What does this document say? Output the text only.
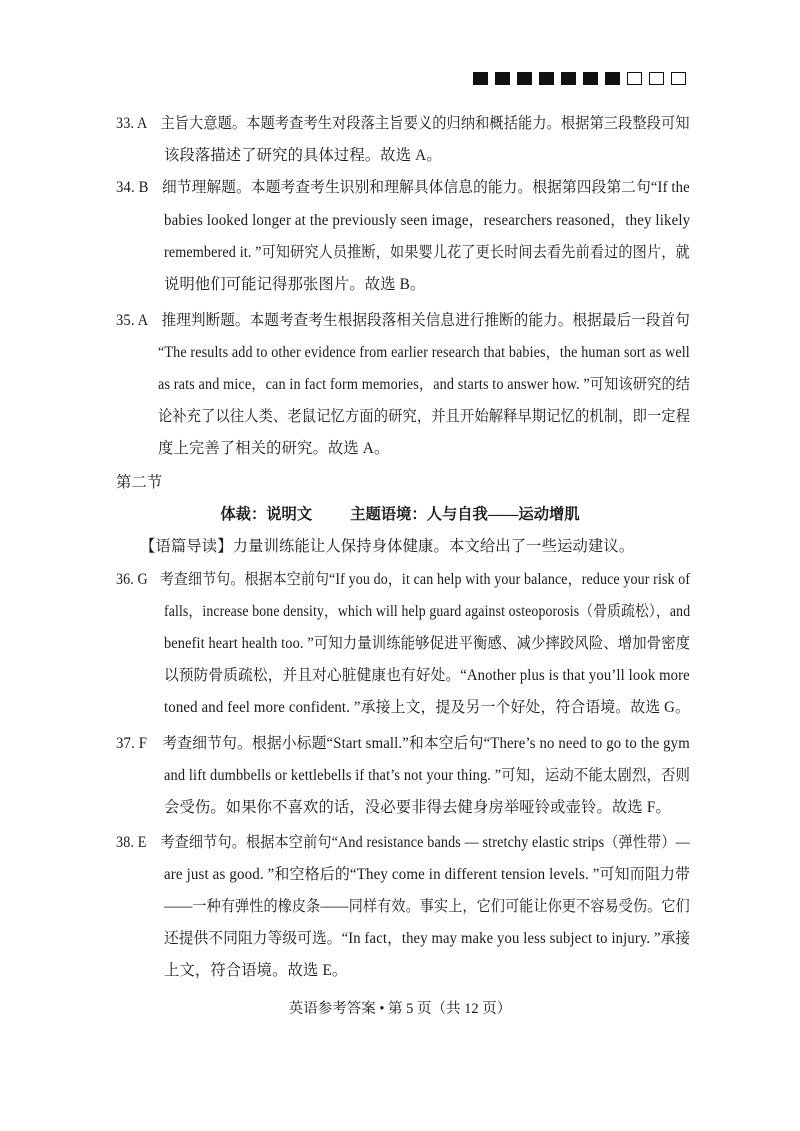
33. A 主旨大意题。本题考查考生对段落主旨要义的归纳和概括能力。根据第三段整段可知
该段落描述了研究的具体过程。故选 A。
34. B 细节理解题。本题考查考生识别和理解具体信息的能力。根据第四段第二句“If the
babies looked longer at the previously seen image，researchers reasoned，they likely
remembered it. ”可知研究人员推断，如果婴儿花了更长时间去看先前看过的图片，就
说明他们可能记得那张图片。故选 B。
35. A 推理判断题。本题考查考生根据段落相关信息进行推断的能力。根据最后一段首句
“The results add to other evidence from earlier research that babies，the human sort as well
as rats and mice，can in fact form memories，and starts to answer how. ”可知该研究的结
论补充了以往人类、老鼠记忆方面的研究，并且开始解释早期记忆的机制，即一定程
度上完善了相关的研究。故选 A。
第二节
体裁：说明文 主题语境：人与自我——运动增肌
【语篇导读】力量训练能让人保持身体健康。本文给出了一些运动建议。
36. G 考查细节句。根据本空前句“If you do，it can help with your balance，reduce your risk of
falls，increase bone density，which will help guard against osteoporosis（骨质疏松），and
benefit heart health too. ”可知力量训练能够促进平衡感、减少摔跤风险、增加骨密度
以预防骨质疏松，并且对心脏健康也有好处。“Another plus is that you’ll look more
toned and feel more confident. ”承接上文，提及另一个好处，符合语境。故选 G。
37. F 考查细节句。根据小标题“Start small.”和本空后句“There’s no need to go to the gym
and lift dumbbells or kettlebells if that’s not your thing. ”可知，运动不能太剧烈，否则
会受伤。如果你不喜欢的话，没必要非得去健身房举哑铃或壶铃。故选 F。
38. E 考查细节句。根据本空前句“And resistance bands — stretchy elastic strips（弹性带）—
are just as good. ”和空格后的“They come in different tension levels. ”可知而阻力带
——一种有弹性的橡皮条——同样有效。事实上，它们可能让你更不容易受伤。它们
还提供不同阻力等级可选。“In fact，they may make you less subject to injury. ”承接
上文，符合语境。故选 E。
英语参考答案 • 第 5 页（共 12 页）
